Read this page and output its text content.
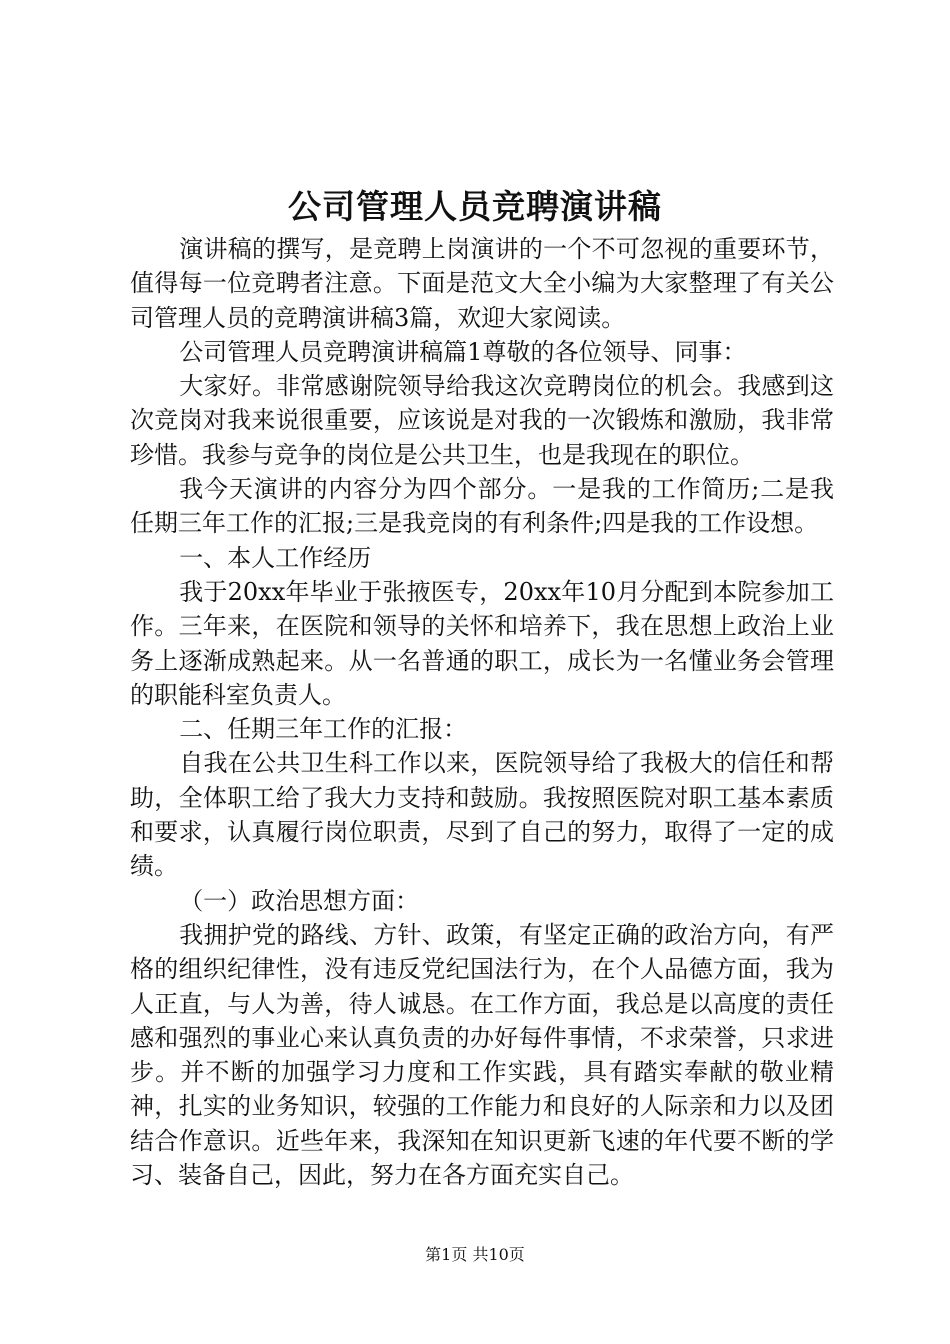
公司管理人员竞聘演讲稿

演讲稿的撰写，是竞聘上岗演讲的一个不可忽视的重要环节，值得每一位竞聘者注意。下面是范文大全小编为大家整理了有关公司管理人员的竞聘演讲稿3篇，欢迎大家阅读。

公司管理人员竞聘演讲稿篇1尊敬的各位领导、同事：

大家好。非常感谢院领导给我这次竞聘岗位的机会。我感到这次竞岗对我来说很重要，应该说是对我的一次锻炼和激励，我非常珍惜。我参与竞争的岗位是公共卫生，也是我现在的职位。

我今天演讲的内容分为四个部分。一是我的工作简历;二是我任期三年工作的汇报;三是我竞岗的有利条件;四是我的工作设想。

一、本人工作经历

我于20xx年毕业于张掖医专，20xx年10月分配到本院参加工作。三年来，在医院和领导的关怀和培养下，我在思想上政治上业务上逐渐成熟起来。从一名普通的职工，成长为一名懂业务会管理的职能科室负责人。

二、任期三年工作的汇报：

自我在公共卫生科工作以来，医院领导给了我极大的信任和帮助，全体职工给了我大力支持和鼓励。我按照医院对职工基本素质和要求，认真履行岗位职责，尽到了自己的努力，取得了一定的成绩。

（一）政治思想方面：

我拥护党的路线、方针、政策，有坚定正确的政治方向，有严格的组织纪律性，没有违反党纪国法行为，在个人品德方面，我为人正直，与人为善，待人诚恳。在工作方面，我总是以高度的责任感和强烈的事业心来认真负责的办好每件事情，不求荣誉，只求进步。并不断的加强学习力度和工作实践，具有踏实奉献的敬业精神，扎实的业务知识，较强的工作能力和良好的人际亲和力以及团结合作意识。近些年来，我深知在知识更新飞速的年代要不断的学习、装备自己，因此，努力在各方面充实自己。

第1页 共10页
